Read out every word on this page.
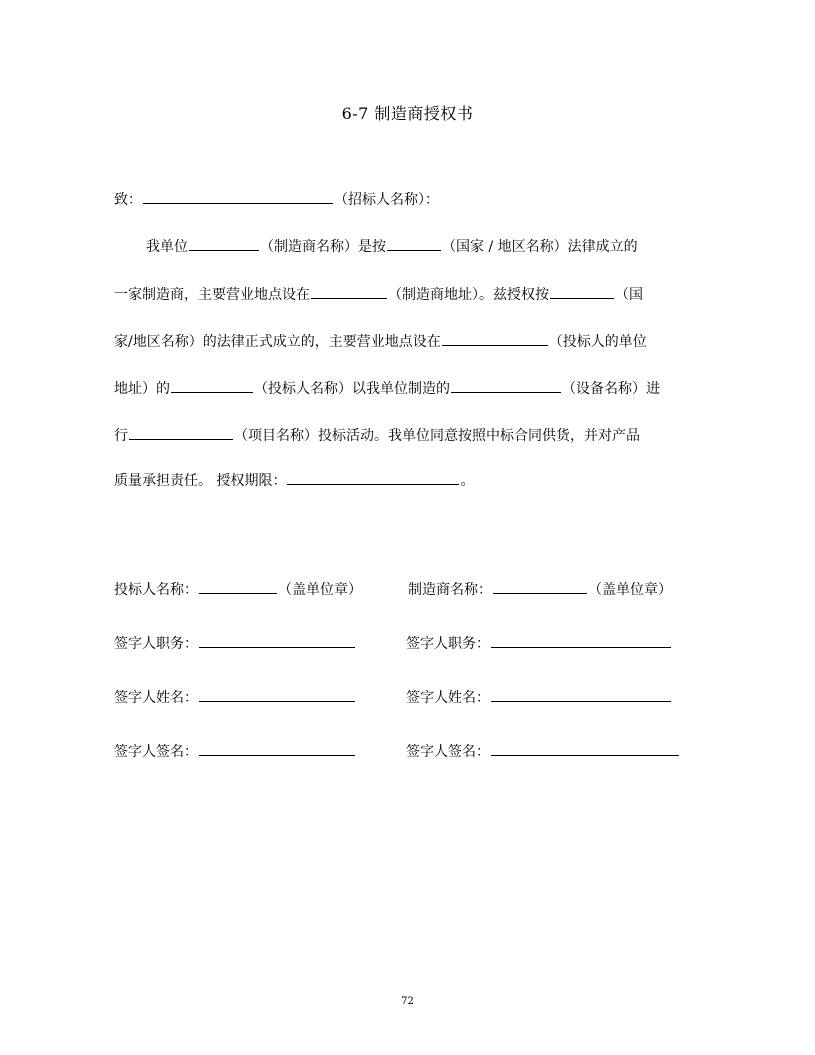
6-7 制造商授权书
致：	（招标人名称）：
我单位	（制造商名称）是按	（国家 / 地区名称）法律成立的
一家制造商，主要营业地点设在	（制造商地址）。兹授权按	（国
家/地区名称）的法律正式成立的，主要营业地点设在	（投标人的单位
地址）的	（投标人名称）以我单位制造的	（设备名称）进
行	（项目名称）投标活动。我单位同意按照中标合同供货，并对产品
质量承担责任。 授权期限：	。
投标人名称：	（盖单位章）	制造商名称：	（盖单位章）
签字人职务：	签字人职务：
签字人姓名：	签字人姓名：
签字人签名：	签字人签名：
72
